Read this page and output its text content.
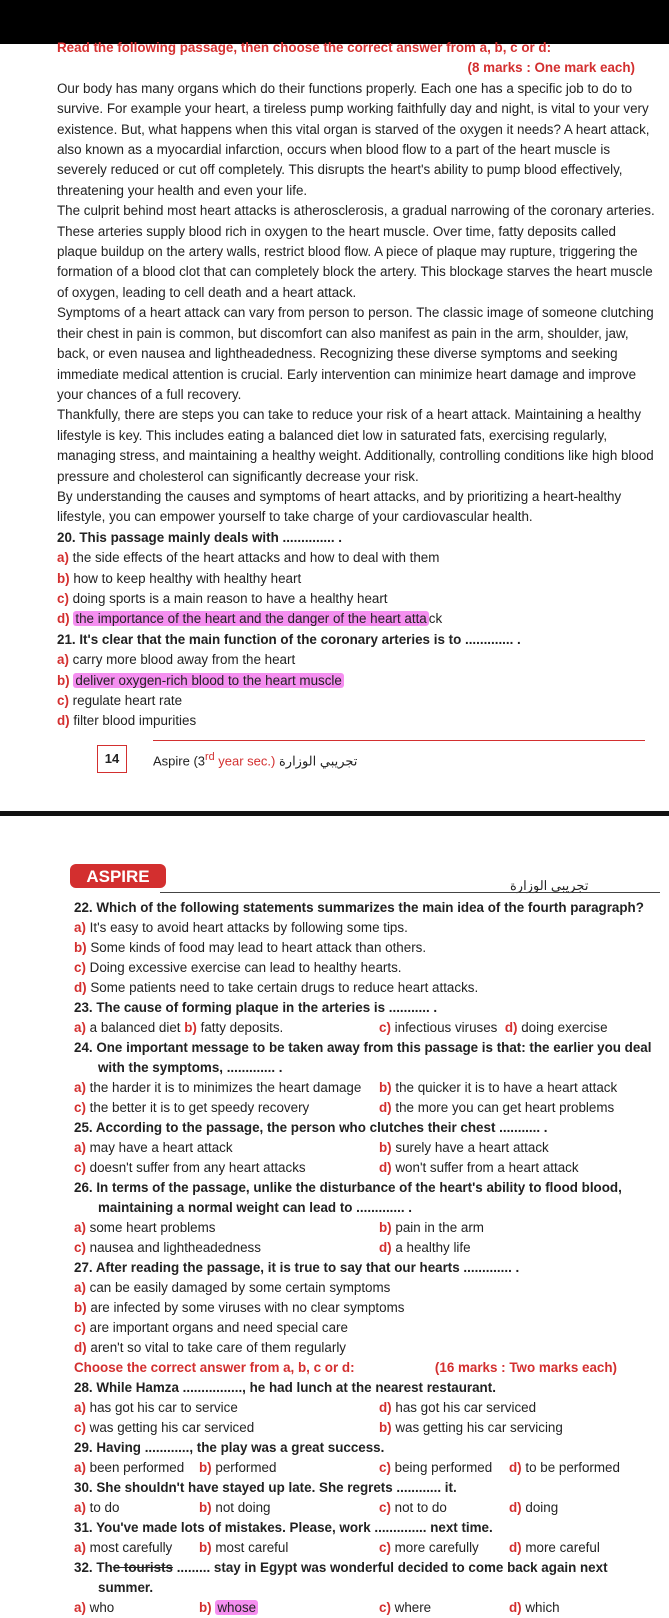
Read the following passage, then choose the correct answer from a, b, c or d:
(8 marks : One mark each)

Our body has many organs which do their functions properly. Each one has a specific job to do to survive. For example your heart, a tireless pump working faithfully day and night, is vital to your very existence. But, what happens when this vital organ is starved of the oxygen it needs? A heart attack, also known as a myocardial infarction, occurs when blood flow to a part of the heart muscle is severely reduced or cut off completely. This disrupts the heart's ability to pump blood effectively, threatening your health and even your life.

The culprit behind most heart attacks is atherosclerosis, a gradual narrowing of the coronary arteries. These arteries supply blood rich in oxygen to the heart muscle. Over time, fatty deposits called plaque buildup on the artery walls, restrict blood flow. A piece of plaque may rupture, triggering the formation of a blood clot that can completely block the artery. This blockage starves the heart muscle of oxygen, leading to cell death and a heart attack.

Symptoms of a heart attack can vary from person to person. The classic image of someone clutching their chest in pain is common, but discomfort can also manifest as pain in the arm, shoulder, jaw, back, or even nausea and lightheadedness. Recognizing these diverse symptoms and seeking immediate medical attention is crucial. Early intervention can minimize heart damage and improve your chances of a full recovery.

Thankfully, there are steps you can take to reduce your risk of a heart attack. Maintaining a healthy lifestyle is key. This includes eating a balanced diet low in saturated fats, exercising regularly, managing stress, and maintaining a healthy weight. Additionally, controlling conditions like high blood pressure and cholesterol can significantly decrease your risk.

By understanding the causes and symptoms of heart attacks, and by prioritizing a heart-healthy lifestyle, you can empower yourself to take charge of your cardiovascular health.

20. This passage mainly deals with .............. .
a) the side effects of the heart attacks and how to deal with them
b) how to keep healthy with healthy heart
c) doing sports is a main reason to have a healthy heart
d) the importance of the heart and the danger of the heart atta ck
21. It's clear that the main function of the coronary arteries is to ............. .
a) carry more blood away from the heart
b) deliver oxygen-rich blood to the heart muscle
c) regulate heart rate
d) filter blood impurities
14	Aspire (3rd year sec.) تجريبي الوزارة
ASPIRE	تجريبي الوزارة
22. Which of the following statements summarizes the main idea of the fourth paragraph?
a) It's easy to avoid heart attacks by following some tips.
b) Some kinds of food may lead to heart attack than others.
c) Doing excessive exercise can lead to healthy hearts.
d) Some patients need to take certain drugs to reduce heart attacks.
23. The cause of forming plaque in the arteries is ........... .
a) a balanced diet b) fatty deposits.	c) infectious viruses d) doing exercise
24. One important message to be taken away from this passage is that: the earlier you deal
with the symptoms, ............. .
a) the harder it is to minimizes the heart damage	b) the quicker it is to have a heart attack
c) the better it is to get speedy recovery	d) the more you can get heart problems
25. According to the passage, the person who clutches their chest ........... .
a) may have a heart attack	b) surely have a heart attack
c) doesn't suffer from any heart attacks	d) won't suffer from a heart attack
26. In terms of the passage, unlike the disturbance of the heart's ability to flood blood,
maintaining a normal weight can lead to ............. .
a) some heart problems	b) pain in the arm
c) nausea and lightheadedness	d) a healthy life
27. After reading the passage, it is true to say that our hearts ............. .
a) can be easily damaged by some certain symptoms
b) are infected by some viruses with no clear symptoms
c) are important organs and need special care
d) aren't so vital to take care of them regularly
Choose the correct answer from a, b, c or d:	(16 marks : Two marks each)
28. While Hamza ................, he had lunch at the nearest restaurant.
a) has got his car to service	d) has got his car serviced
c) was getting his car serviced	b) was getting his car servicing
29. Having ............, the play was a great success.
a) been performed	b) performed	c) being performed	d) to be performed
30. She shouldn't have stayed up late. She regrets ............ it.
a) to do	b) not doing	c) not to do	d) doing
31. You've made lots of mistakes. Please, work .............. next time.
a) most carefully	b) most careful	c) more carefully	d) more careful
32. The tourists ......... stay in Egypt was wonderful decided to come back again next
summer.
a) who	b) whose	c) where	d) which
